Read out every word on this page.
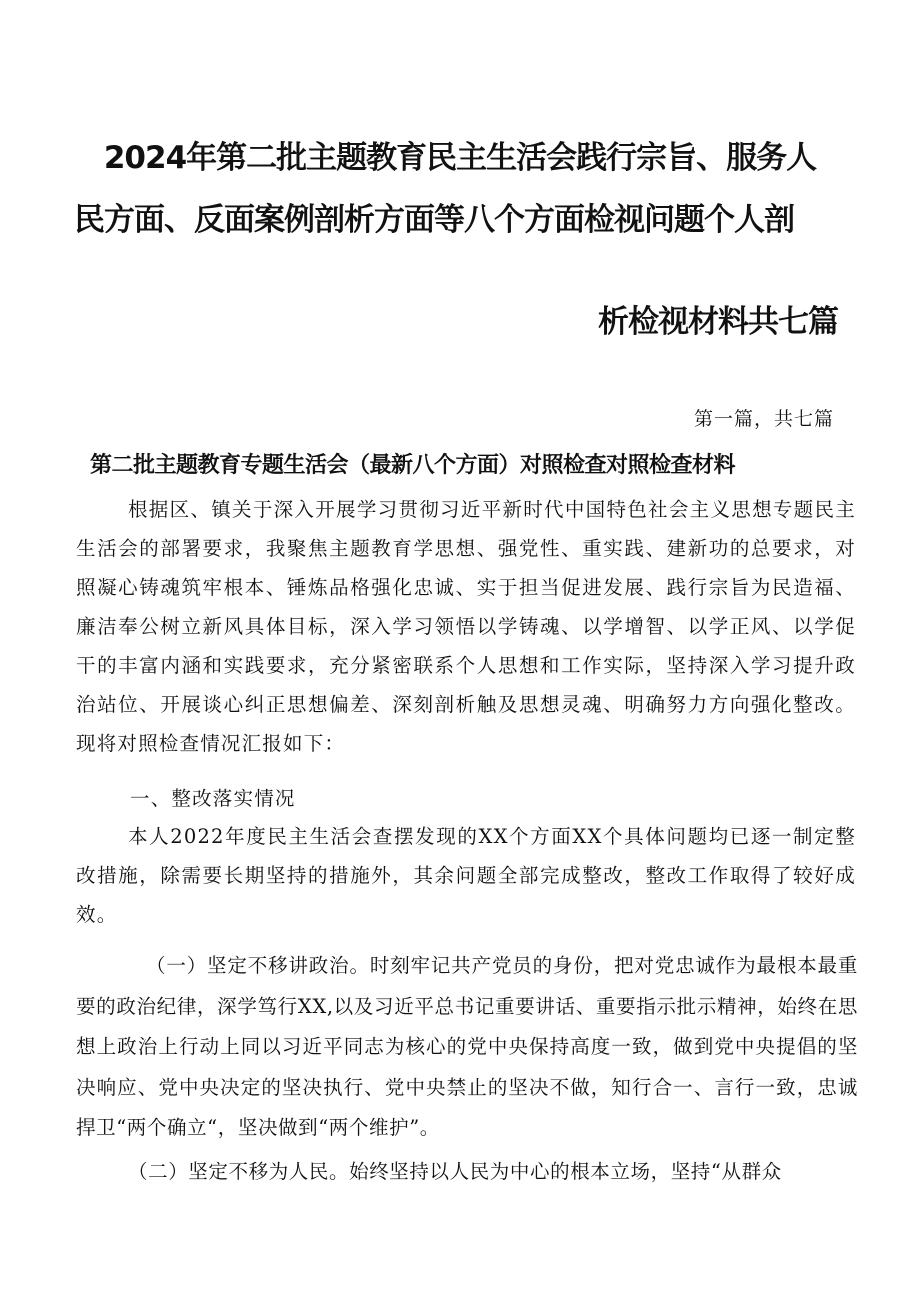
2024年第二批主题教育民主生活会践行宗旨、服务人
民方面、反面案例剖析方面等八个方面检视问题个人剖
析检视材料共七篇
第一篇，共七篇
第二批主题教育专题生活会（最新八个方面）对照检查对照检查材料

根据区、镇关于深入开展学习贯彻习近平新时代中国特色社会主义思想专题民主生活会的部署要求，我聚焦主题教育学思想、强党性、重实践、建新功的总要求，对照凝心铸魂筑牢根本、锤炼品格强化忠诚、实于担当促进发展、践行宗旨为民造福、廉洁奉公树立新风具体目标，深入学习领悟以学铸魂、以学增智、以学正风、以学促干的丰富内涵和实践要求，充分紧密联系个人思想和工作实际，坚持深入学习提升政治站位、开展谈心纠正思想偏差、深刻剖析触及思想灵魂、明确努力方向强化整改。现将对照检查情况汇报如下：

一、整改落实情况

本人2022年度民主生活会查摆发现的XX个方面XX个具体问题均已逐一制定整改措施，除需要长期坚持的措施外，其余问题全部完成整改，整改工作取得了较好成效。

（一）坚定不移讲政治。时刻牢记共产党员的身份，把对党忠诚作为最根本最重要的政治纪律，深学笃行XX,以及习近平总书记重要讲话、重要指示批示精神，始终在思想上政治上行动上同以习近平同志为核心的党中央保持高度一致，做到党中央提倡的坚决响应、党中央决定的坚决执行、党中央禁止的坚决不做，知行合一、言行一致，忠诚捍卫“两个确立“，坚决做到“两个维护”。

（二）坚定不移为人民。始终坚持以人民为中心的根本立场，坚持“从群众
